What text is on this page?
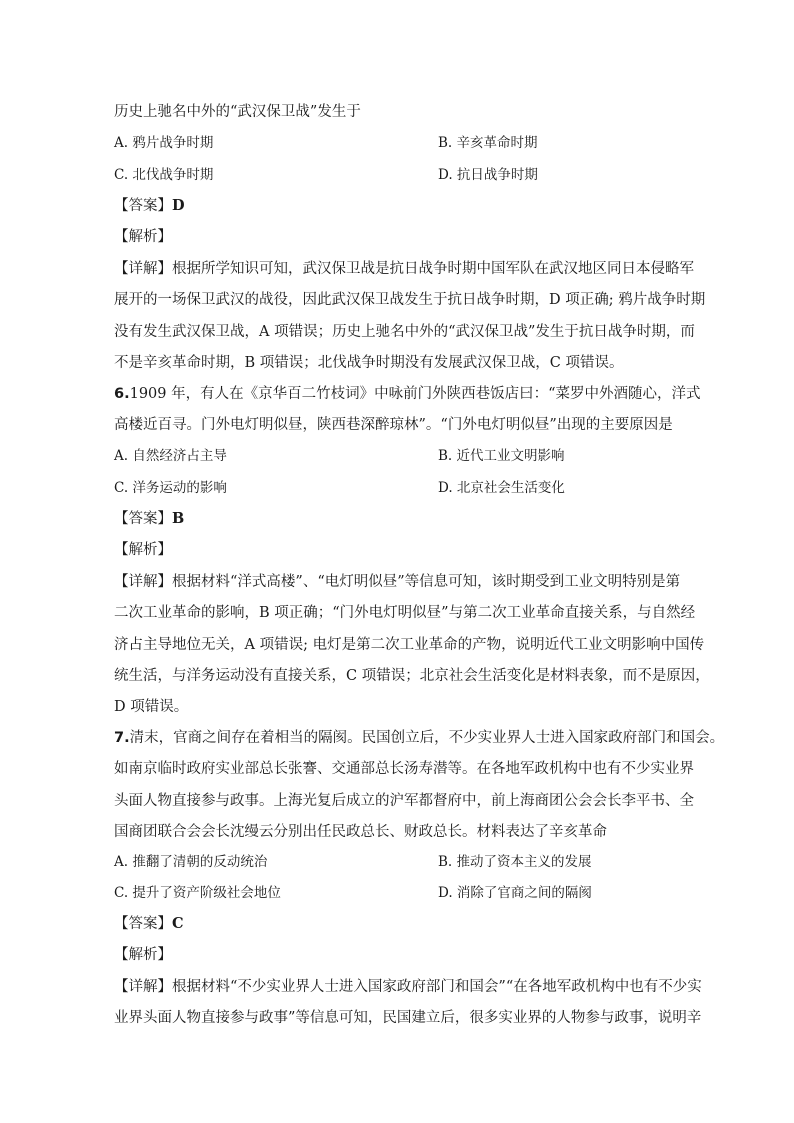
历史上驰名中外的“武汉保卫战”发生于
A. 鸦片战争时期	B. 辛亥革命时期
C. 北伐战争时期	D. 抗日战争时期
【答案】D
【解析】
【详解】根据所学知识可知，武汉保卫战是抗日战争时期中国军队在武汉地区同日本侵略军
展开的一场保卫武汉的战役，因此武汉保卫战发生于抗日战争时期，D 项正确; 鸦片战争时期
没有发生武汉保卫战，A 项错误；历史上驰名中外的“武汉保卫战”发生于抗日战争时期，而
不是辛亥革命时期，B 项错误；北伐战争时期没有发展武汉保卫战，C 项错误。
6.1909 年，有人在《京华百二竹枝词》中咏前门外陕西巷饭店曰：“菜罗中外酒随心，洋式
高楼近百寻。门外电灯明似昼，陕西巷深醉琼林”。“门外电灯明似昼”出现的主要原因是
A. 自然经济占主导	B. 近代工业文明影响
C. 洋务运动的影响	D. 北京社会生活变化
【答案】B
【解析】
【详解】根据材料“洋式高楼”、“电灯明似昼”等信息可知，该时期受到工业文明特别是第
二次工业革命的影响，B 项正确；“门外电灯明似昼”与第二次工业革命直接关系，与自然经
济占主导地位无关，A 项错误; 电灯是第二次工业革命的产物，说明近代工业文明影响中国传
统生活，与洋务运动没有直接关系，C 项错误；北京社会生活变化是材料表象，而不是原因，
D 项错误。
7.清末，官商之间存在着相当的隔阂。民国创立后，不少实业界人士进入国家政府部门和国会。
如南京临时政府实业部总长张謇、交通部总长汤寿潜等。在各地军政机构中也有不少实业界
头面人物直接参与政事。上海光复后成立的沪军都督府中，前上海商团公会会长李平书、全
国商团联合会会长沈缦云分别出任民政总长、财政总长。材料表达了辛亥革命
A. 推翻了清朝的反动统治	B. 推动了资本主义的发展
C. 提升了资产阶级社会地位	D. 消除了官商之间的隔阂
【答案】C
【解析】
【详解】根据材料“不少实业界人士进入国家政府部门和国会”“在各地军政机构中也有不少实
业界头面人物直接参与政事”等信息可知，民国建立后，很多实业界的人物参与政事，说明辛
